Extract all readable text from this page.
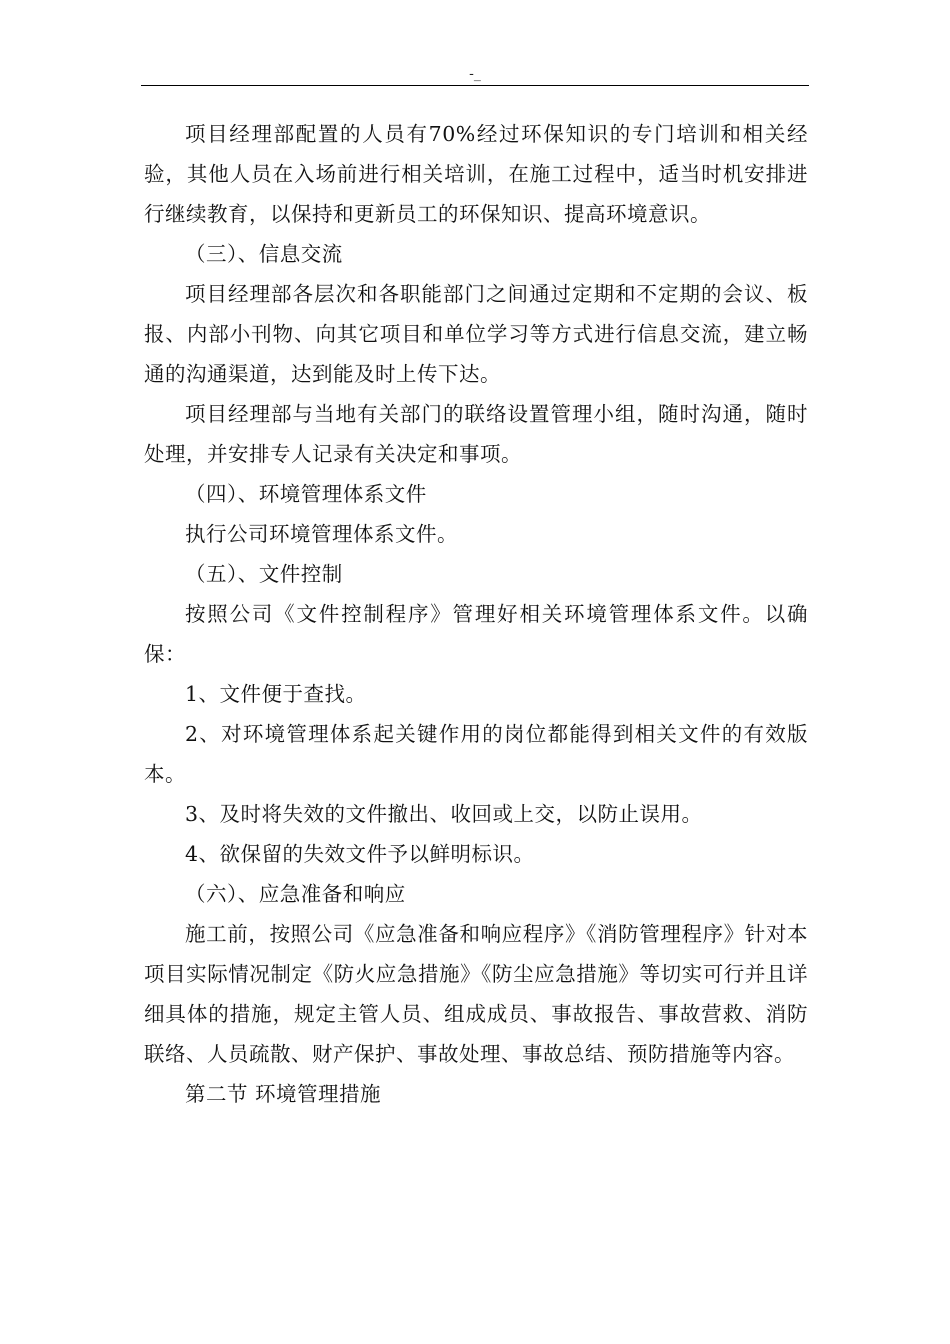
-_

项目经理部配置的人员有70%经过环保知识的专门培训和相关经验，其他人员在入场前进行相关培训，在施工过程中，适当时机安排进行继续教育，以保持和更新员工的环保知识、提高环境意识。

（三）、信息交流

项目经理部各层次和各职能部门之间通过定期和不定期的会议、板报、内部小刊物、向其它项目和单位学习等方式进行信息交流，建立畅通的沟通渠道，达到能及时上传下达。

项目经理部与当地有关部门的联络设置管理小组，随时沟通，随时处理，并安排专人记录有关决定和事项。

（四）、环境管理体系文件

执行公司环境管理体系文件。

（五）、文件控制

按照公司《文件控制程序》管理好相关环境管理体系文件。以确保：

1、文件便于查找。

2、对环境管理体系起关键作用的岗位都能得到相关文件的有效版本。

3、及时将失效的文件撤出、收回或上交，以防止误用。

4、欲保留的失效文件予以鲜明标识。

（六）、应急准备和响应

施工前，按照公司《应急准备和响应程序》《消防管理程序》针对本项目实际情况制定《防火应急措施》《防尘应急措施》等切实可行并且详细具体的措施，规定主管人员、组成成员、事故报告、事故营救、消防联络、人员疏散、财产保护、事故处理、事故总结、预防措施等内容。

第二节 环境管理措施
